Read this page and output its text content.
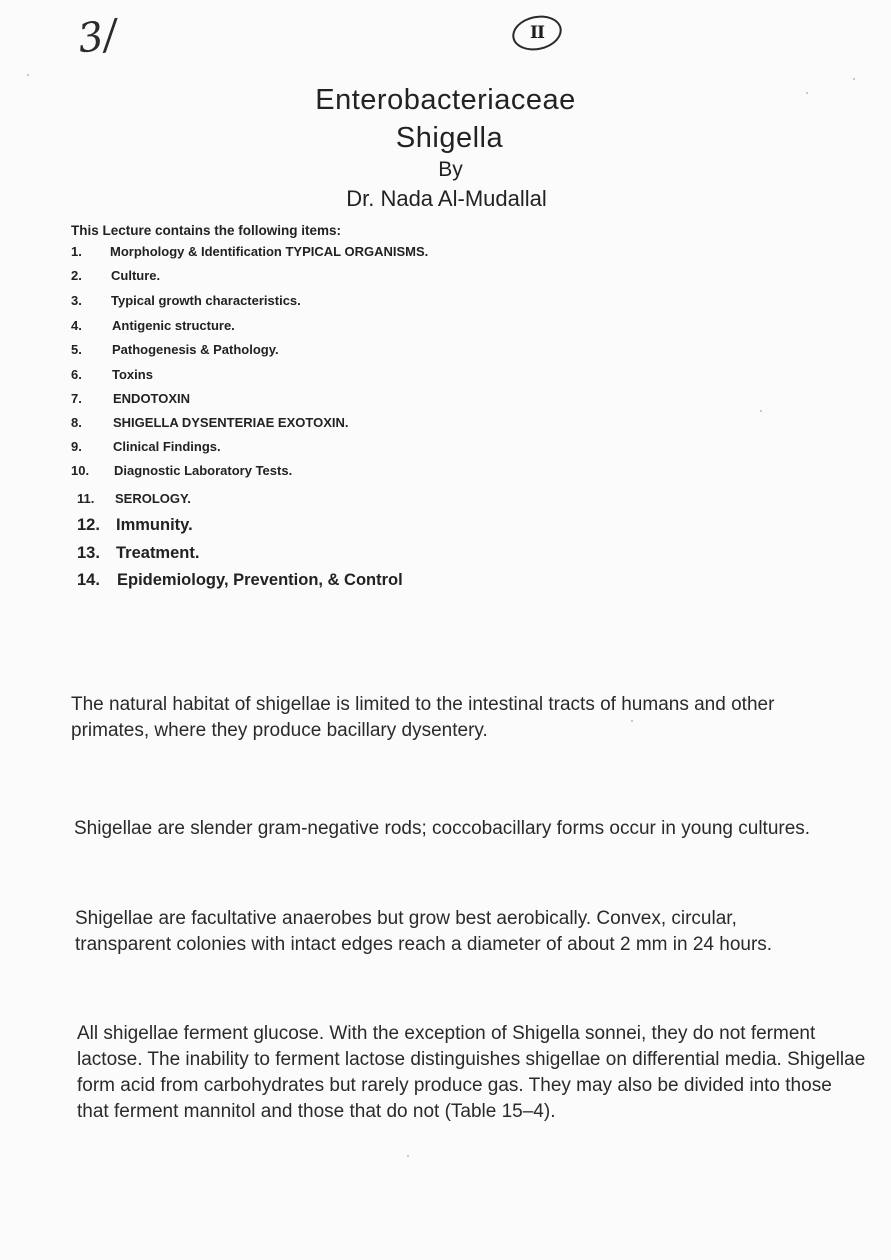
3/	II
Enterobacteriaceae
Shigella
By
Dr. Nada Al-Mudallal
This Lecture contains the following items:
1. Morphology & Identification TYPICAL ORGANISMS.
2. Culture.
3. Typical growth characteristics.
4. Antigenic structure.
5. Pathogenesis & Pathology.
6. Toxins
7. ENDOTOXIN
8. SHIGELLA DYSENTERIAE EXOTOXIN.
9. Clinical Findings.
10. Diagnostic Laboratory Tests.
11. SEROLOGY.
12. Immunity.
13. Treatment.
14. Epidemiology, Prevention, & Control

The natural habitat of shigellae is limited to the intestinal tracts of humans and other primates, where they produce bacillary dysentery.

Shigellae are slender gram-negative rods; coccobacillary forms occur in young cultures.

Shigellae are facultative anaerobes but grow best aerobically. Convex, circular, transparent colonies with intact edges reach a diameter of about 2 mm in 24 hours.

All shigellae ferment glucose. With the exception of Shigella sonnei, they do not ferment lactose. The inability to ferment lactose distinguishes shigellae on differential media. Shigellae form acid from carbohydrates but rarely produce gas. They may also be divided into those that ferment mannitol and those that do not (Table 15–4).
